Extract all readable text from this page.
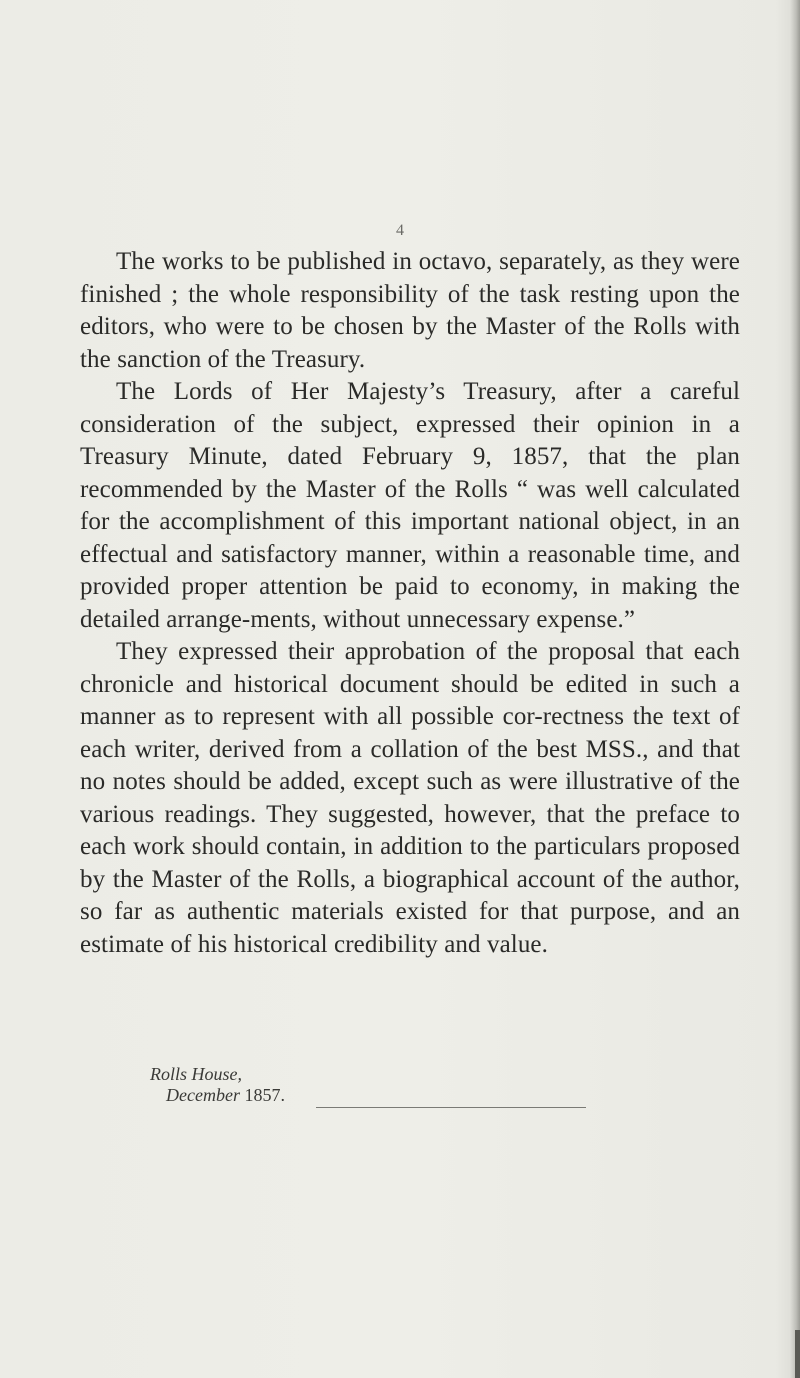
4

The works to be published in octavo, separately, as they were finished ; the whole responsibility of the task resting upon the editors, who were to be chosen by the Master of the Rolls with the sanction of the Treasury.

The Lords of Her Majesty’s Treasury, after a careful consideration of the subject, expressed their opinion in a Treasury Minute, dated February 9, 1857, that the plan recommended by the Master of the Rolls “ was well calculated for the accomplishment of this important national object, in an effectual and satisfactory manner, within a reasonable time, and provided proper attention be paid to economy, in making the detailed arrange-ments, without unnecessary expense.”

They expressed their approbation of the proposal that each chronicle and historical document should be edited in such a manner as to represent with all possible cor-rectness the text of each writer, derived from a collation of the best MSS., and that no notes should be added, except such as were illustrative of the various readings. They suggested, however, that the preface to each work should contain, in addition to the particulars proposed by the Master of the Rolls, a biographical account of the author, so far as authentic materials existed for that purpose, and an estimate of his historical credibility and value.

Rolls House,
December 1857.
